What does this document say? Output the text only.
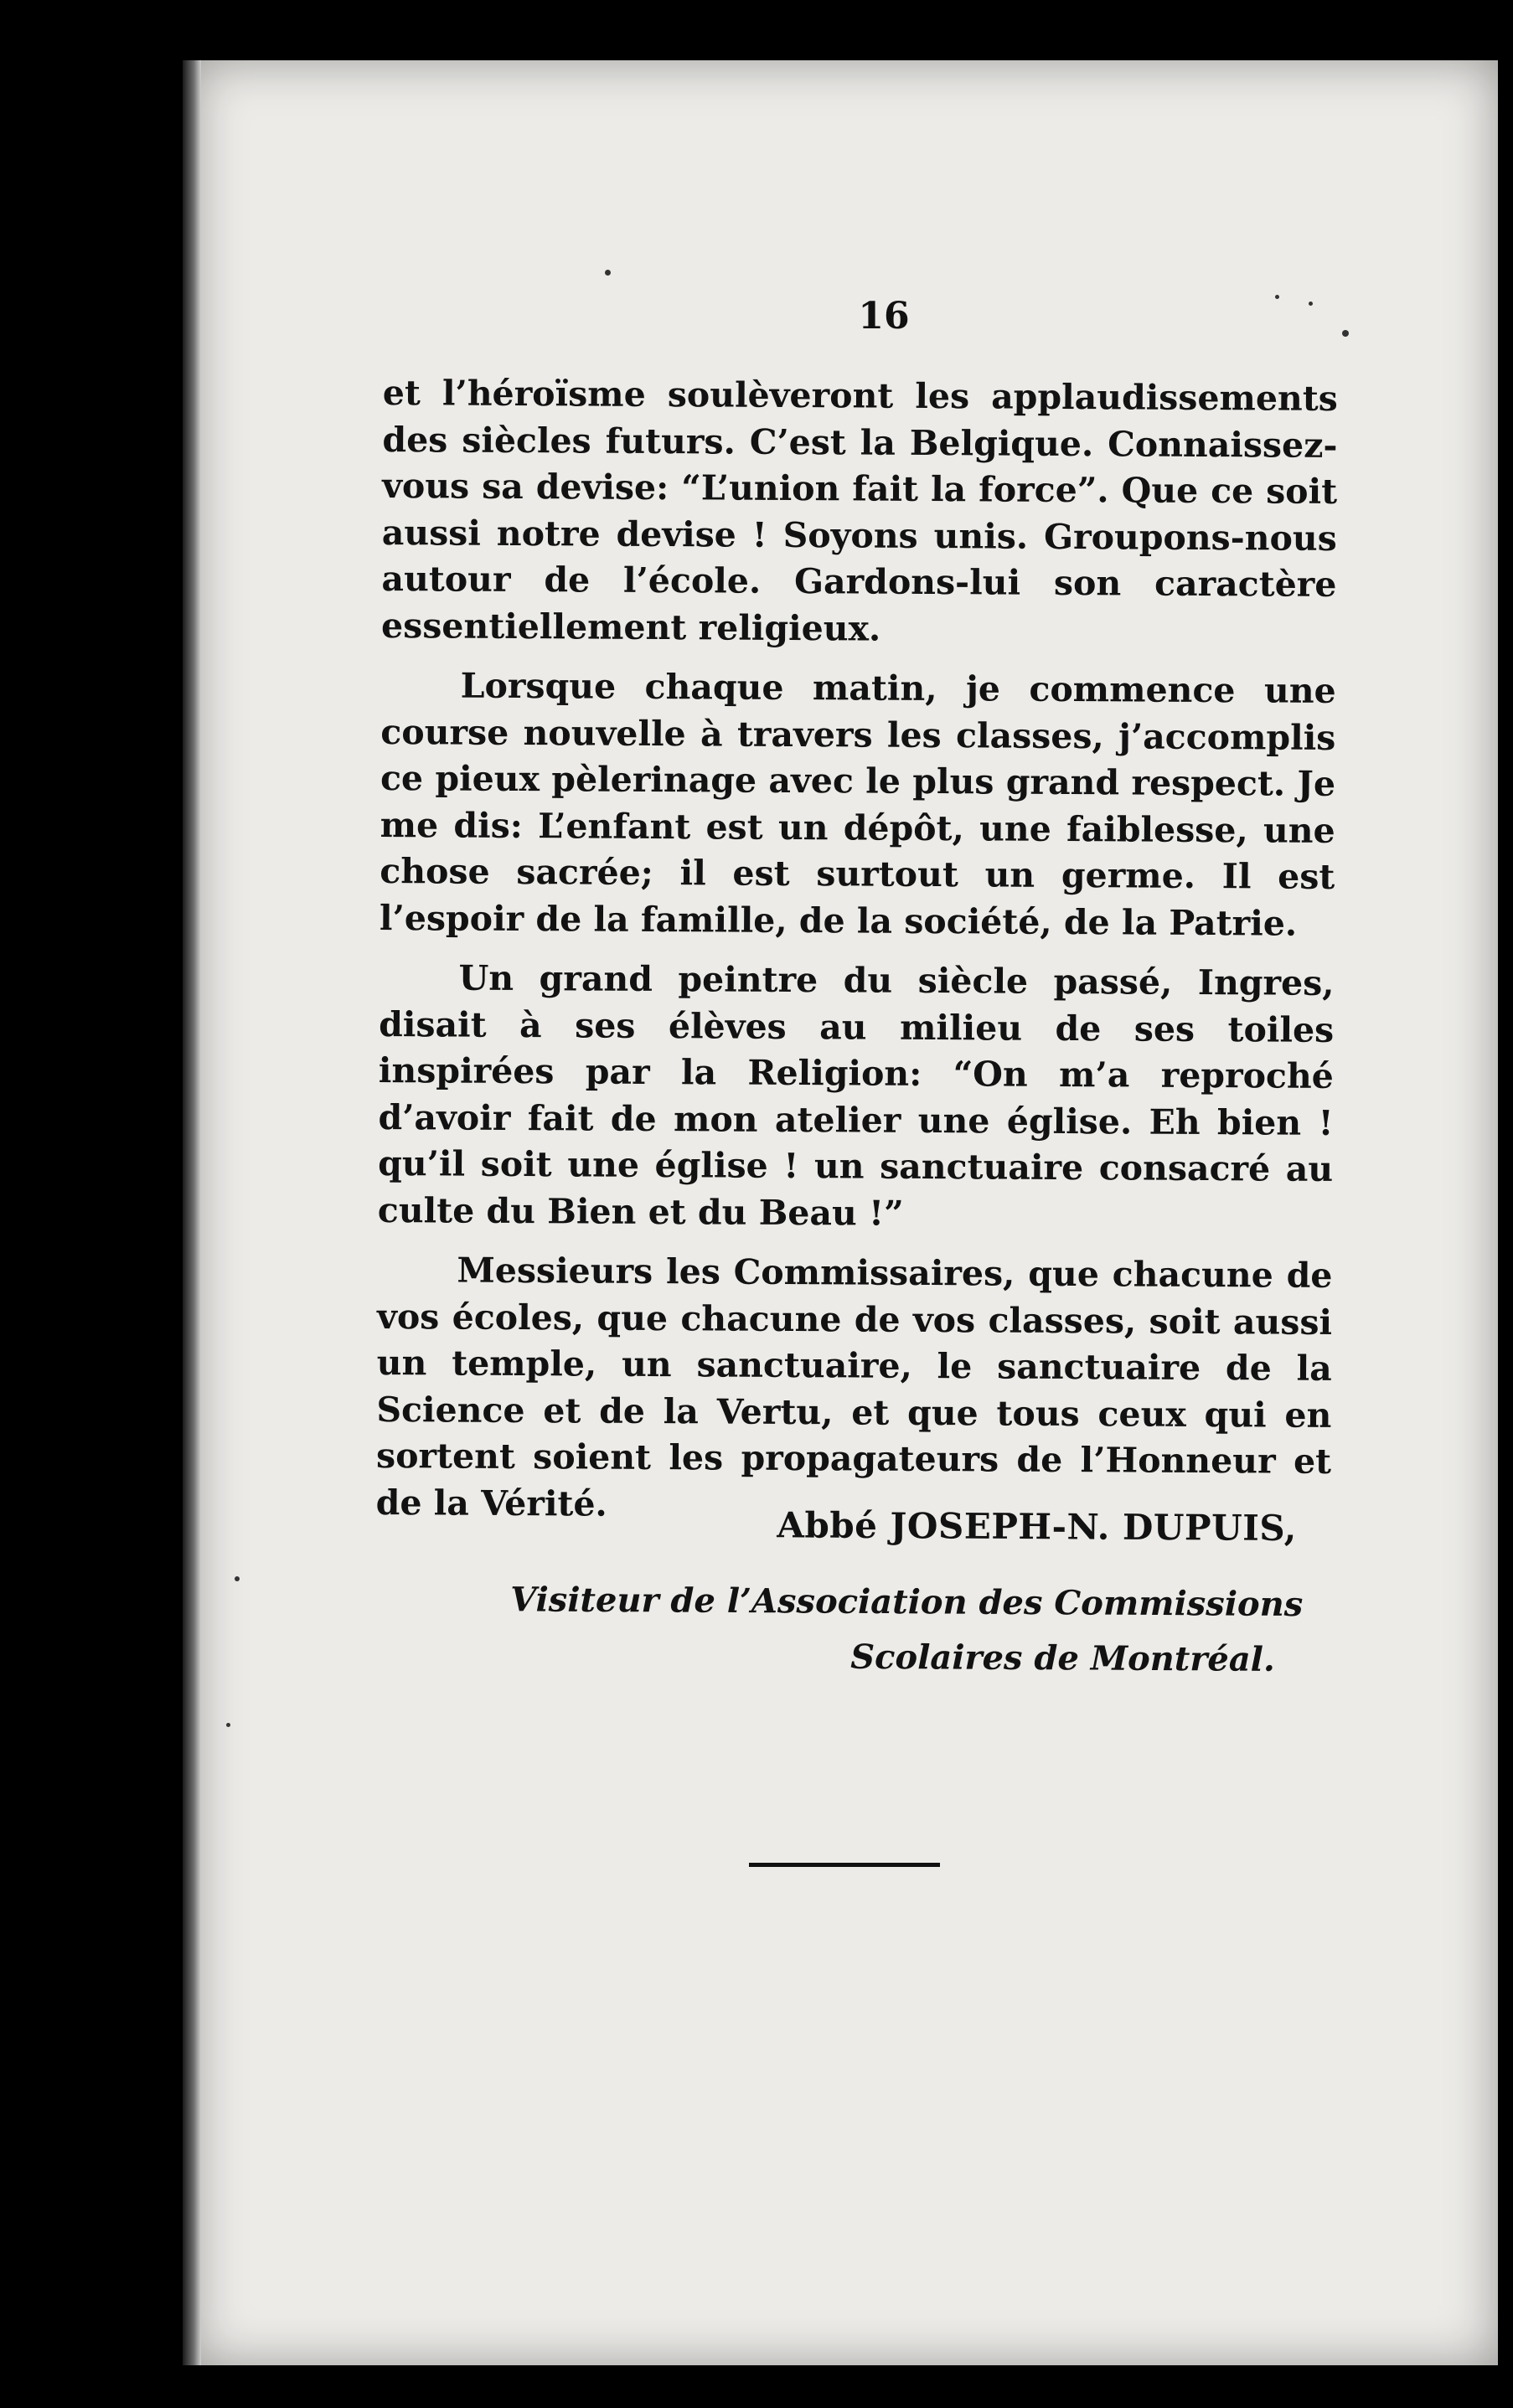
16

et l’héroïsme soulèveront les applaudissements des siècles futurs. C’est la Belgique. Connaissez-vous sa devise: “L’union fait la force”. Que ce soit aussi notre devise ! Soyons unis. Groupons-nous autour de l’école. Gardons-lui son caractère essentiellement religieux.

Lorsque chaque matin, je commence une course nouvelle à travers les classes, j’accomplis ce pieux pèlerinage avec le plus grand respect. Je me dis: L’enfant est un dépôt, une faiblesse, une chose sacrée; il est surtout un germe. Il est l’espoir de la famille, de la société, de la Patrie.

Un grand peintre du siècle passé, Ingres, disait à ses élèves au milieu de ses toiles inspirées par la Religion: “On m’a reproché d’avoir fait de mon atelier une église. Eh bien ! qu’il soit une église ! un sanctuaire consacré au culte du Bien et du Beau !”

Messieurs les Commissaires, que chacune de vos écoles, que chacune de vos classes, soit aussi un temple, un sanctuaire, le sanctuaire de la Science et de la Vertu, et que tous ceux qui en sortent soient les propagateurs de l’Honneur et de la Vérité.

Abbé JOSEPH-N. DUPUIS,
Visiteur de l’Association des Commissions
Scolaires de Montréal.
